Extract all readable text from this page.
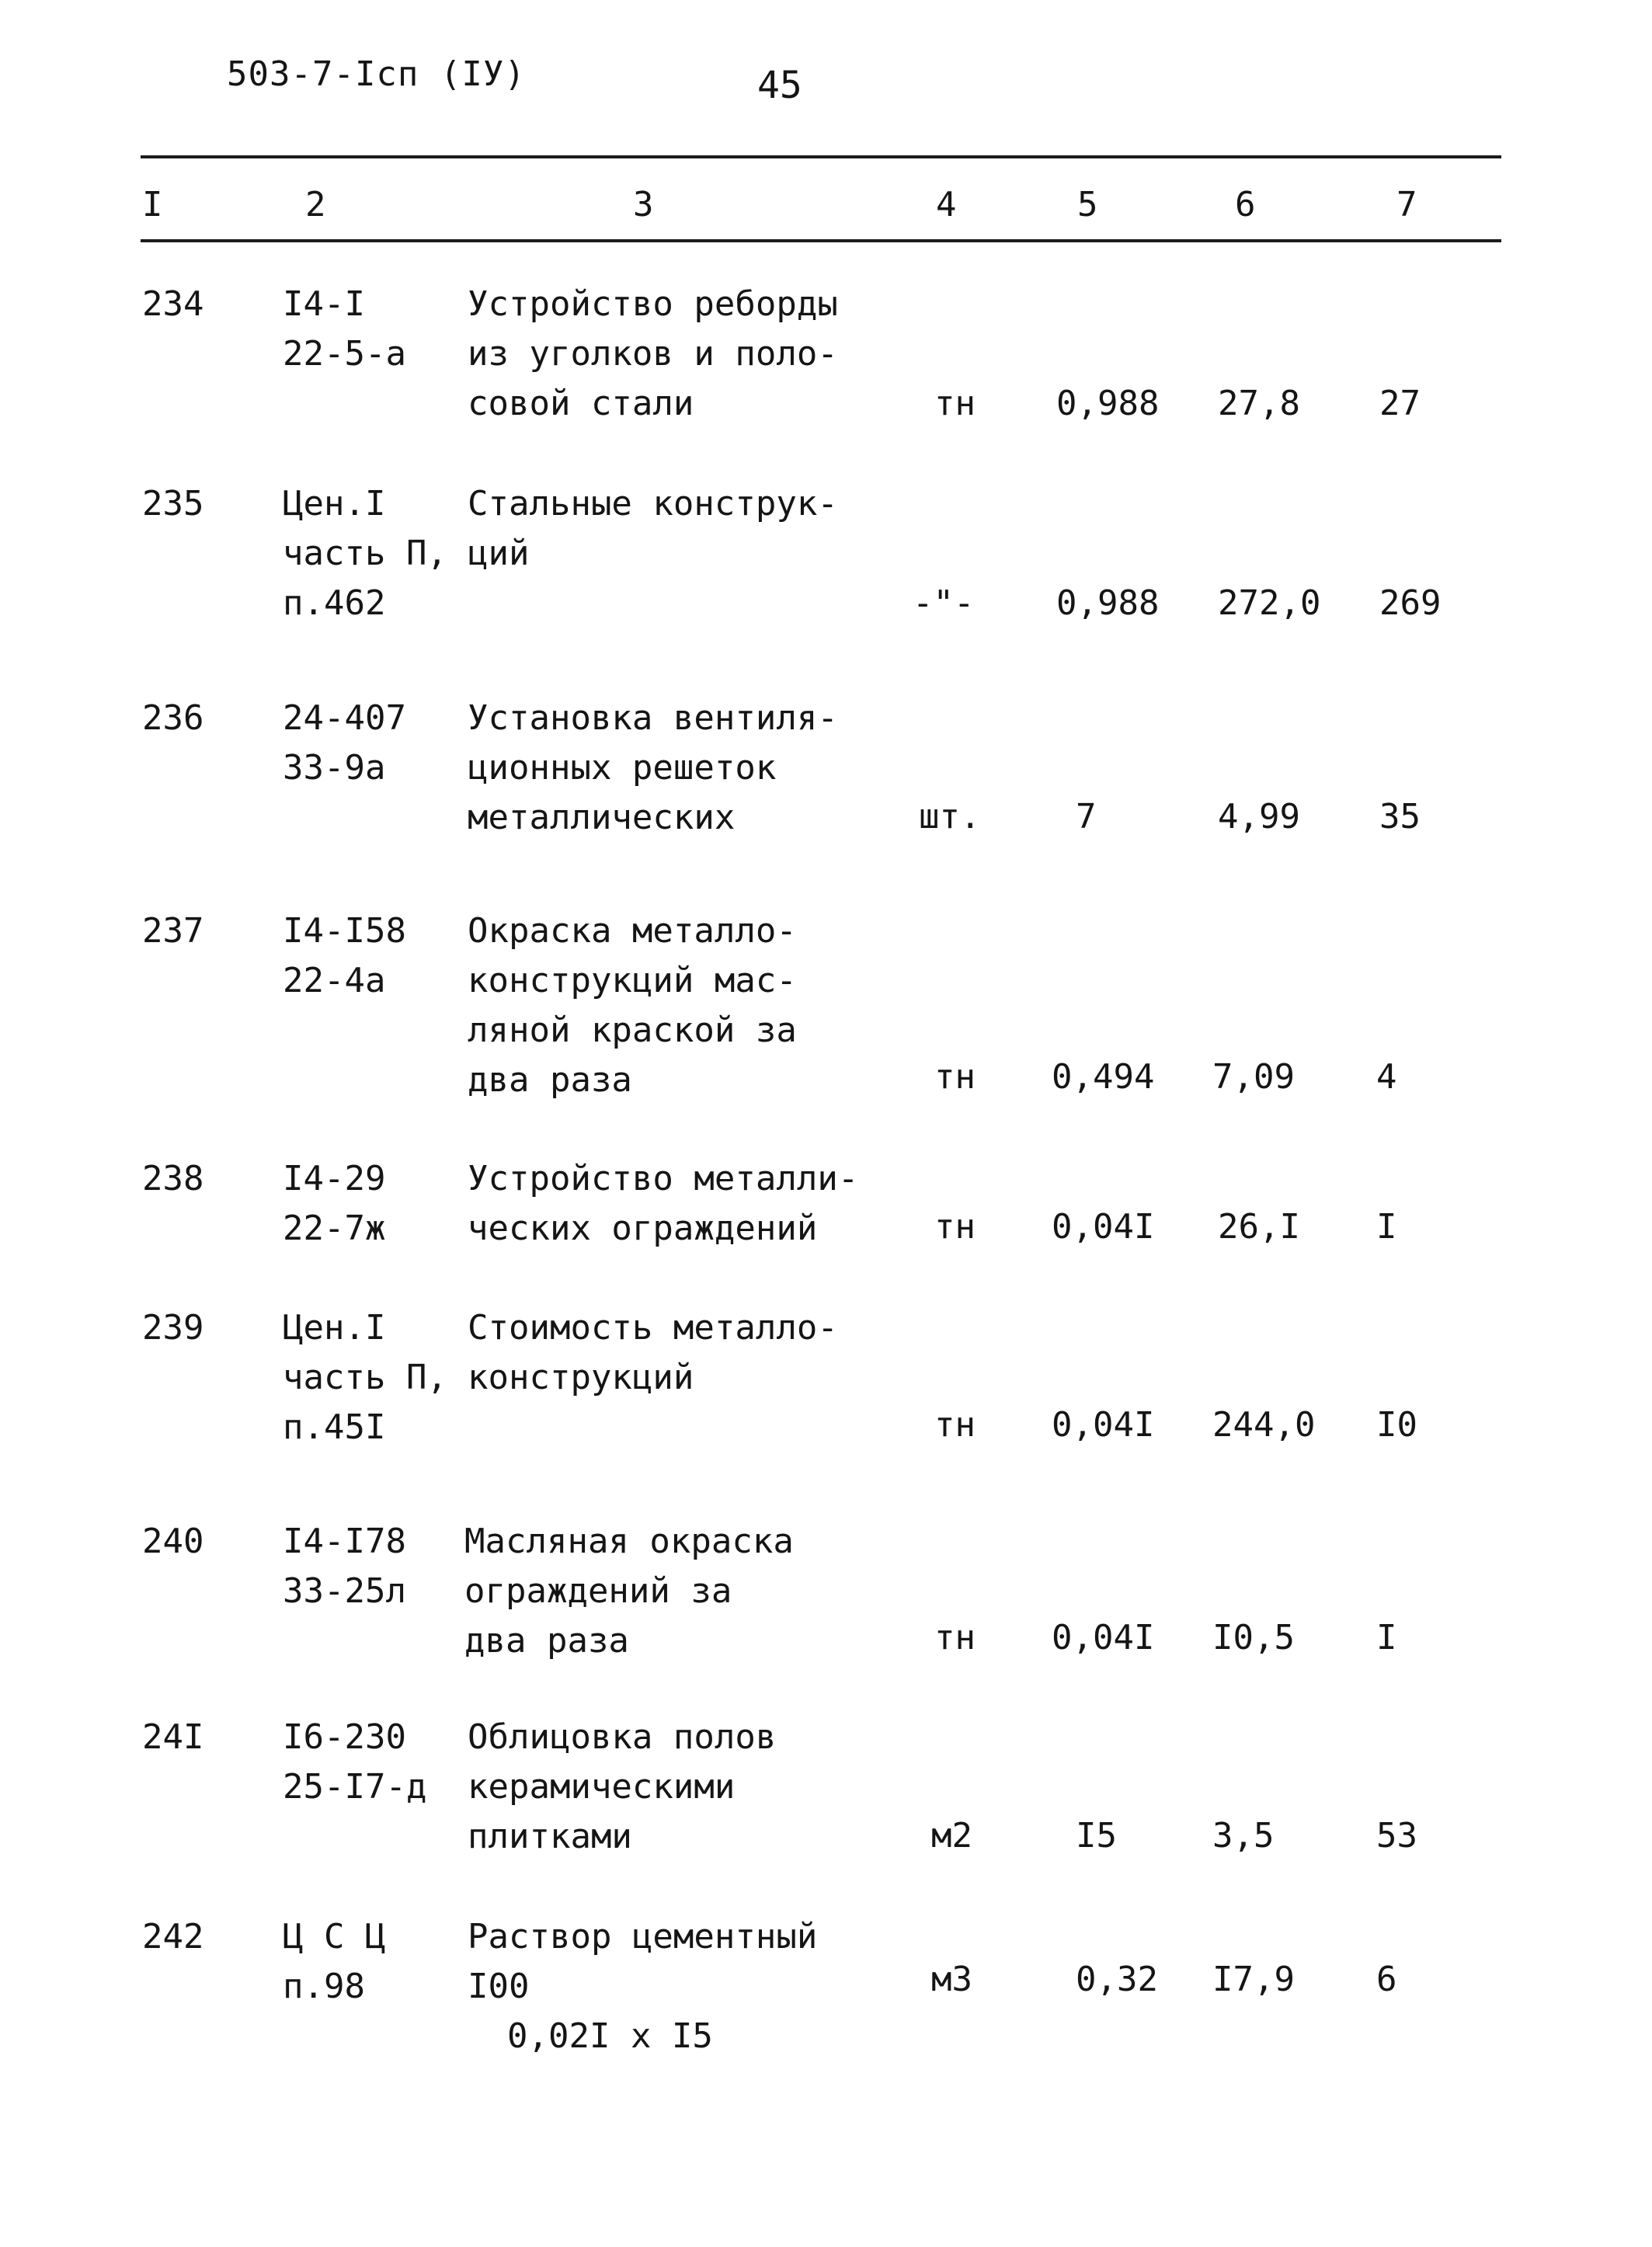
503-7-Iсп (IУ)	45
I	2	3	4	5	6	7
234 I4-I
22-5-а
Устройство реборды
из уголков и поло-
совой стали	тн 0,988 27,8 27
235 Цен.I
часть П,
п.462
Стальные конструк-
ций
-"- 0,988 272,0 269
236 24-407
33-9а
Установка вентиля-
ционных решеток
металлических	шт.	7	4,99 35
237 I4-I58
22-4а
Окраска металло-
конструкций мас-
ляной краской за
два раза	тн 0,494 7,09 4
238 I4-29
22-7ж
Устройство металли-
ческих ограждений	тн 0,04I 26,I I
239 Цен.I
часть П,
п.45I
Стоимость металло-
конструкций
тн 0,04I 244,0 I0
240 I4-I78
33-25л
Масляная окраска
ограждений за
два раза	тн 0,04I I0,5 I
24I I6-230
25-I7-д
Облицовка полов
керамическими
плитками	м2	I5	3,5	53
242 Ц С Ц
п.98
Раствор цементный
I00
0,02I x I5
м3	0,32 I7,9 6
